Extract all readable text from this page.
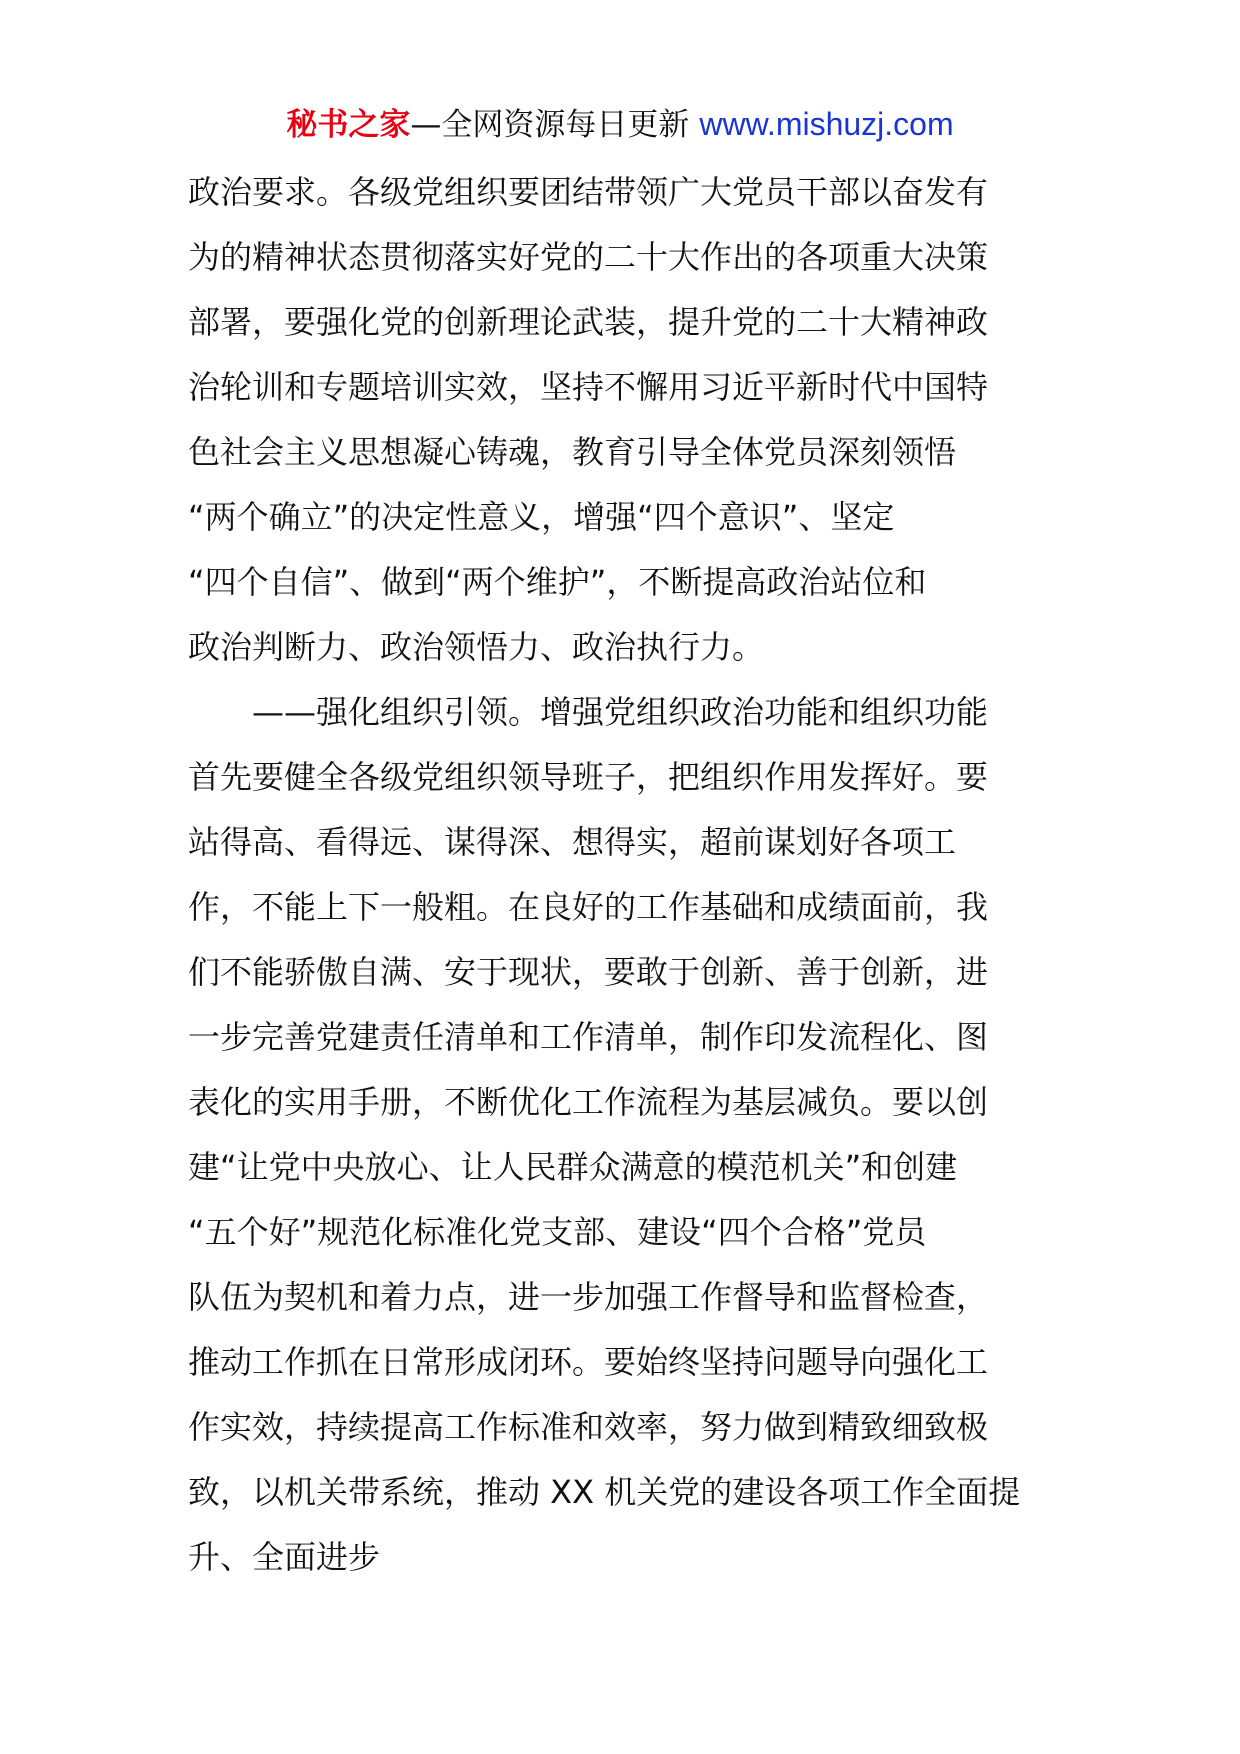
秘书之家—全网资源每日更新 www.mishuzj.com
政治要求。各级党组织要团结带领广大党员干部以奋发有
为的精神状态贯彻落实好党的二十大作出的各项重大决策
部署，要强化党的创新理论武装，提升党的二十大精神政
治轮训和专题培训实效，坚持不懈用习近平新时代中国特
色社会主义思想凝心铸魂，教育引导全体党员深刻领悟
“两个确立”的决定性意义，增强“四个意识”、坚定
“四个自信”、做到“两个维护”，不断提高政治站位和
政治判断力、政治领悟力、政治执行力。
——强化组织引领。增强党组织政治功能和组织功能
首先要健全各级党组织领导班子，把组织作用发挥好。要
站得高、看得远、谋得深、想得实，超前谋划好各项工
作，不能上下一般粗。在良好的工作基础和成绩面前，我
们不能骄傲自满、安于现状，要敢于创新、善于创新，进
一步完善党建责任清单和工作清单，制作印发流程化、图
表化的实用手册，不断优化工作流程为基层减负。要以创
建“让党中央放心、让人民群众满意的模范机关”和创建
“五个好”规范化标准化党支部、建设“四个合格”党员
队伍为契机和着力点，进一步加强工作督导和监督检查，
推动工作抓在日常形成闭环。要始终坚持问题导向强化工
作实效，持续提高工作标准和效率，努力做到精致细致极
致，以机关带系统，推动 XX 机关党的建设各项工作全面提
升、全面进步
